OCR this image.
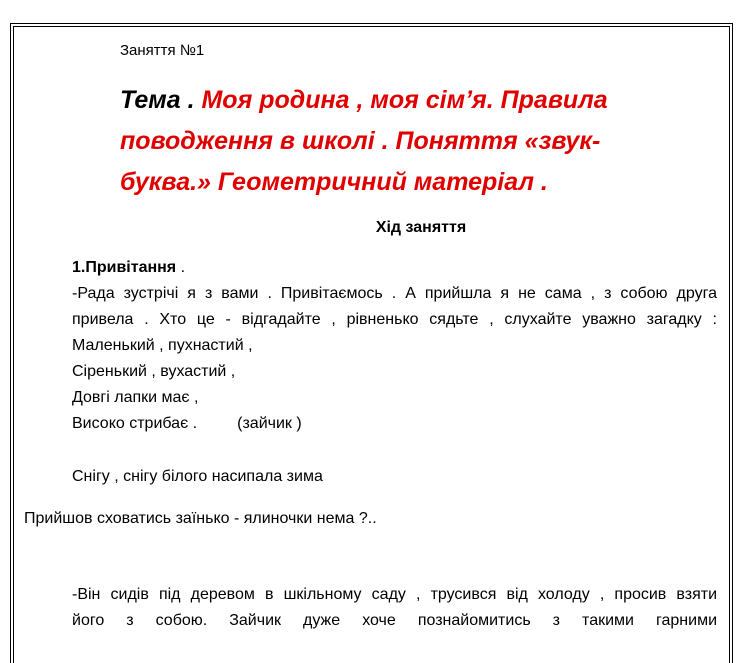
Заняття №1
Тема . Моя родина , моя сім’я. Правила
поводження в школі . Поняття «звук-
буква.» Геометричний матеріал .
Хід заняття
1.Привітання .
-Рада зустрічі я з вами . Привітаємось . А прийшла я не сама , з собою друга
привела . Хто це - відгадайте , рівненько сядьте , слухайте уважно загадку :
Маленький , пухнастий ,
Сіренький , вухастий ,
Довгі лапки має ,
Високо стрибає .	(зайчик )
Снігу , снігу білого насипала зима
Прийшов сховатись заїнько - ялиночки нема ?..
-Він сидів під деревом в шкільному саду , трусився від холоду , просив взяти
його з собою. Зайчик дуже хоче познайомитись з такими гарними
